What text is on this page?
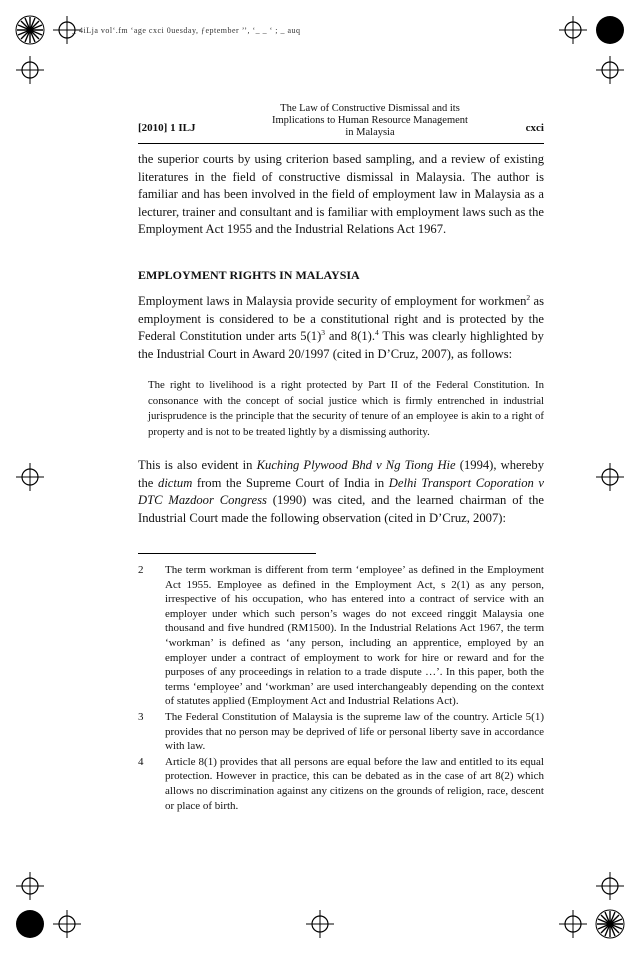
_ 4iLja vol‘.fm ‘age cxci 0uesday, ƒeptember ’’, ‘_ _ ‘ ; _ auq
[2010] 1 ILJ
The Law of Constructive Dismissal and its
Implications to Human Resource Management
in Malaysia	cxci
the superior courts by using criterion based sampling, and a review of existing literatures in the field of constructive dismissal in Malaysia. The author is familiar and has been involved in the field of employment law in Malaysia as a lecturer, trainer and consultant and is familiar with employment laws such as the Employment Act 1955 and the Industrial Relations Act 1967.
EMPLOYMENT RIGHTS IN MALAYSIA
Employment laws in Malaysia provide security of employment for workmen$^2$ as employment is considered to be a constitutional right and is protected by the Federal Constitution under arts $5(1)^3$ and 8(1).$^4$ This was clearly highlighted by the Industrial Court in Award 20/1997 (cited in D’Cruz, 2007), as follows:
The right to livelihood is a right protected by Part II of the Federal Constitution. In consonance with the concept of social justice which is firmly entrenched in industrial jurisprudence is the principle that the security of tenure of an employee is akin to a right of property and is not to be treated lightly by a dismissing authority.
This is also evident in Kuching Plywood Bhd v Ng Tiong Hie (1994), whereby the dictum from the Supreme Court of India in Delhi Transport Coporation v DTC Mazdoor Congress (1990) was cited, and the learned chairman of the Industrial Court made the following observation (cited in D’Cruz, 2007):
2	The term workman is different from term ‘employee’ as defined in the Employment Act 1955. Employee as defined in the Employment Act, s 2(1) as any person, irrespective of his occupation, who has entered into a contract of service with an employer under which such person’s wages do not exceed ringgit Malaysia one thousand and five hundred (RM1500). In the Industrial Relations Act 1967, the term ‘workman’ is defined as ‘any person, including an apprentice, employed by an employer under a contract of employment to work for hire or reward and for the purposes of any proceedings in relation to a trade dispute …’. In this paper, both the terms ‘employee’ and ‘workman’ are used interchangeably depending on the context of statutes applied (Employment Act and Industrial Relations Act).
3	The Federal Constitution of Malaysia is the supreme law of the country. Article 5(1) provides that no person may be deprived of life or personal liberty save in accordance with law.
4	Article 8(1) provides that all persons are equal before the law and entitled to its equal protection. However in practice, this can be debated as in the case of art 8(2) which allows no discrimination against any citizens on the grounds of religion, race, descent or place of birth.
